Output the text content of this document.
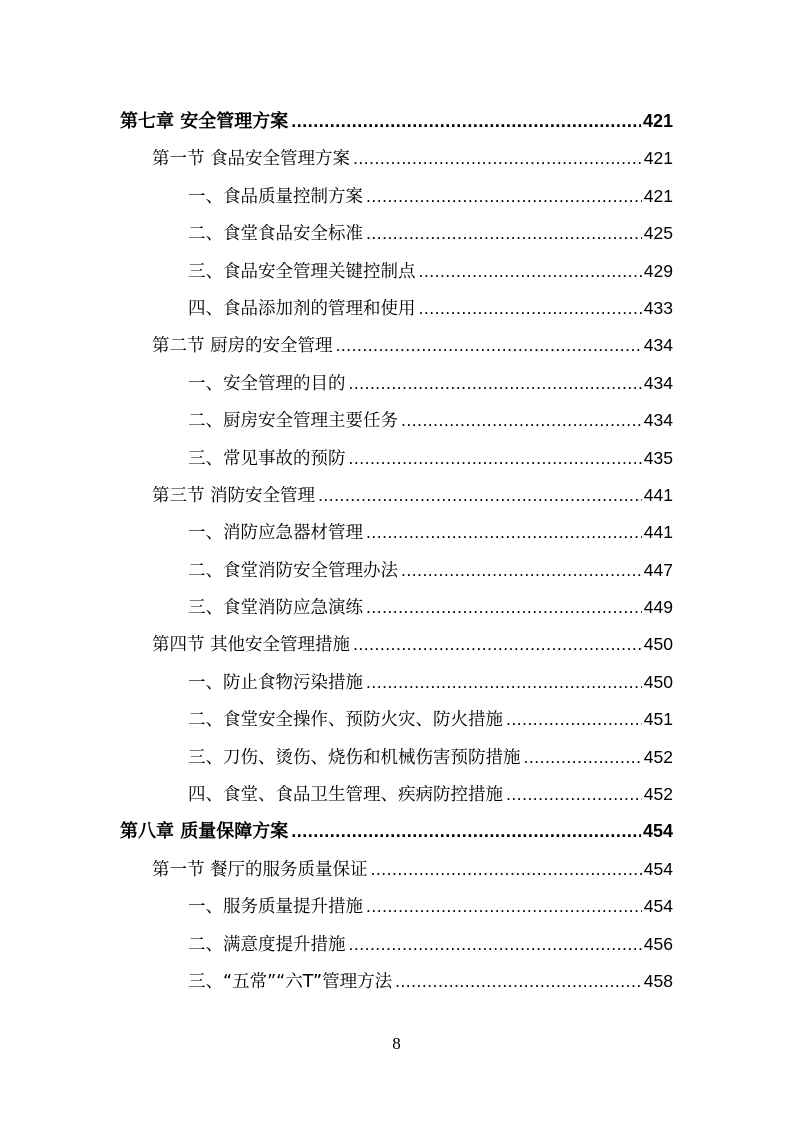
第七章 安全管理方案 .....	421
第一节 食品安全管理方案 .....	421
一、食品质量控制方案 .....	421
二、食堂食品安全标准 .....	425
三、食品安全管理关键控制点 .....	429
四、食品添加剂的管理和使用 .....	433
第二节 厨房的安全管理 .....	434
一、安全管理的目的 .....	434
二、厨房安全管理主要任务 .....	434
三、常见事故的预防 .....	435
第三节 消防安全管理 .....	441
一、消防应急器材管理 .....	441
二、食堂消防安全管理办法 .....	447
三、食堂消防应急演练 .....	449
第四节 其他安全管理措施 .....	450
一、防止食物污染措施 .....	450
二、食堂安全操作、预防火灾、防火措施 .....	451
三、刀伤、烫伤、烧伤和机械伤害预防措施 .....	452
四、食堂、食品卫生管理、疾病防控措施 .....	452
第八章 质量保障方案 .....	454
第一节 餐厅的服务质量保证 .....	454
一、服务质量提升措施 .....	454
二、满意度提升措施 .....	456
三、“五常”“六T”管理方法 .....	458
8
